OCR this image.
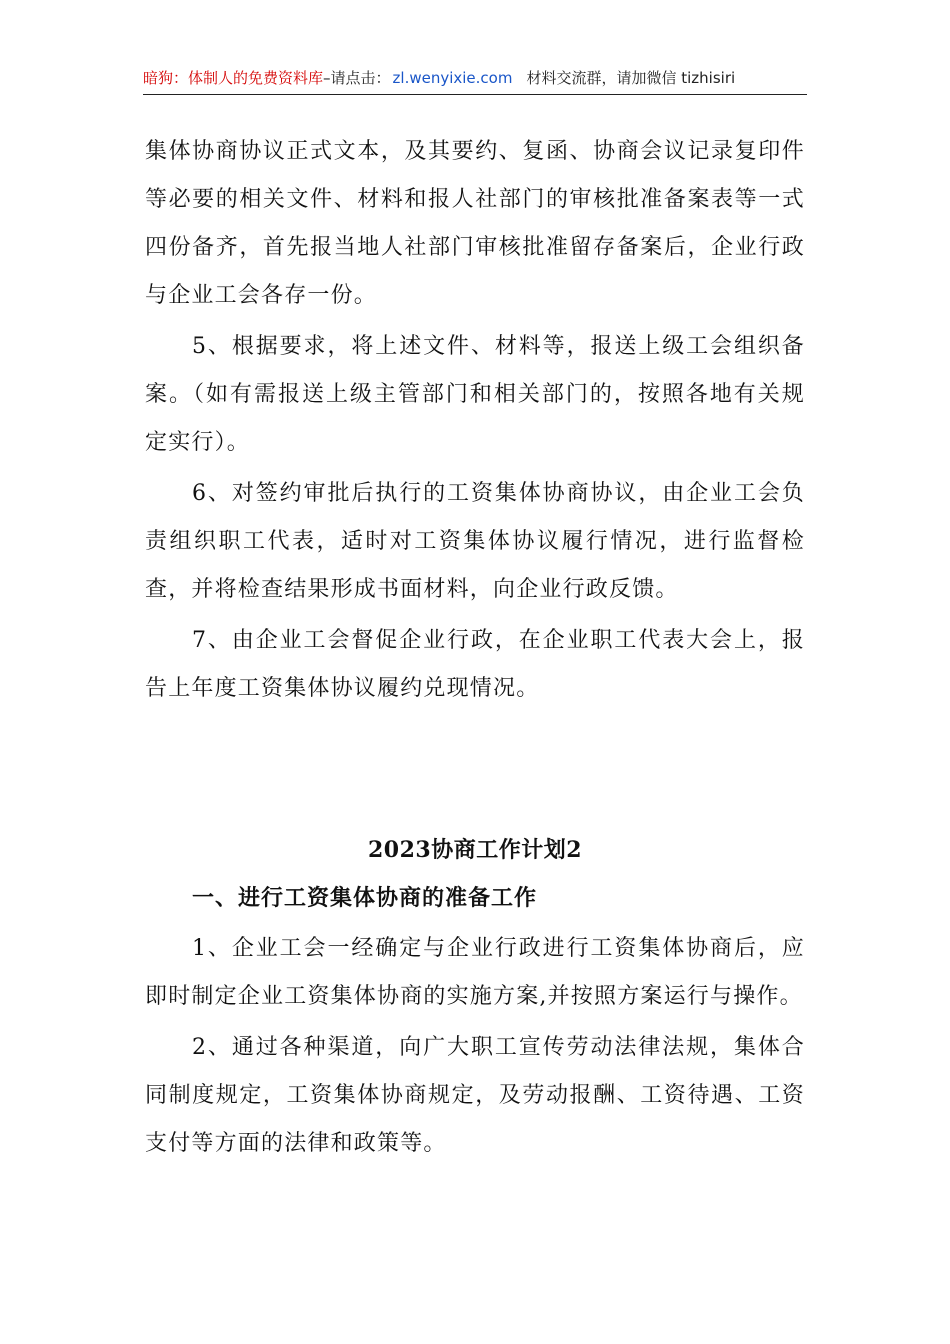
暗狗：体制人的免费资料库–请点击： zl.wenyixie.com 材料交流群，请加微信 tizhisiri

集体协商协议正式文本，及其要约、复函、协商会议记录复印件等必要的相关文件、材料和报人社部门的审核批准备案表等一式四份备齐，首先报当地人社部门审核批准留存备案后，企业行政与企业工会各存一份。

5、根据要求，将上述文件、材料等，报送上级工会组织备案。（如有需报送上级主管部门和相关部门的，按照各地有关规定实行）。

6、对签约审批后执行的工资集体协商协议，由企业工会负责组织职工代表，适时对工资集体协议履行情况，进行监督检查，并将检查结果形成书面材料，向企业行政反馈。

7、由企业工会督促企业行政，在企业职工代表大会上，报告上年度工资集体协议履约兑现情况。

2023协商工作计划2
一、进行工资集体协商的准备工作

1、企业工会一经确定与企业行政进行工资集体协商后，应即时制定企业工资集体协商的实施方案,并按照方案运行与操作。

2、通过各种渠道，向广大职工宣传劳动法律法规，集体合同制度规定，工资集体协商规定，及劳动报酬、工资待遇、工资支付等方面的法律和政策等。
